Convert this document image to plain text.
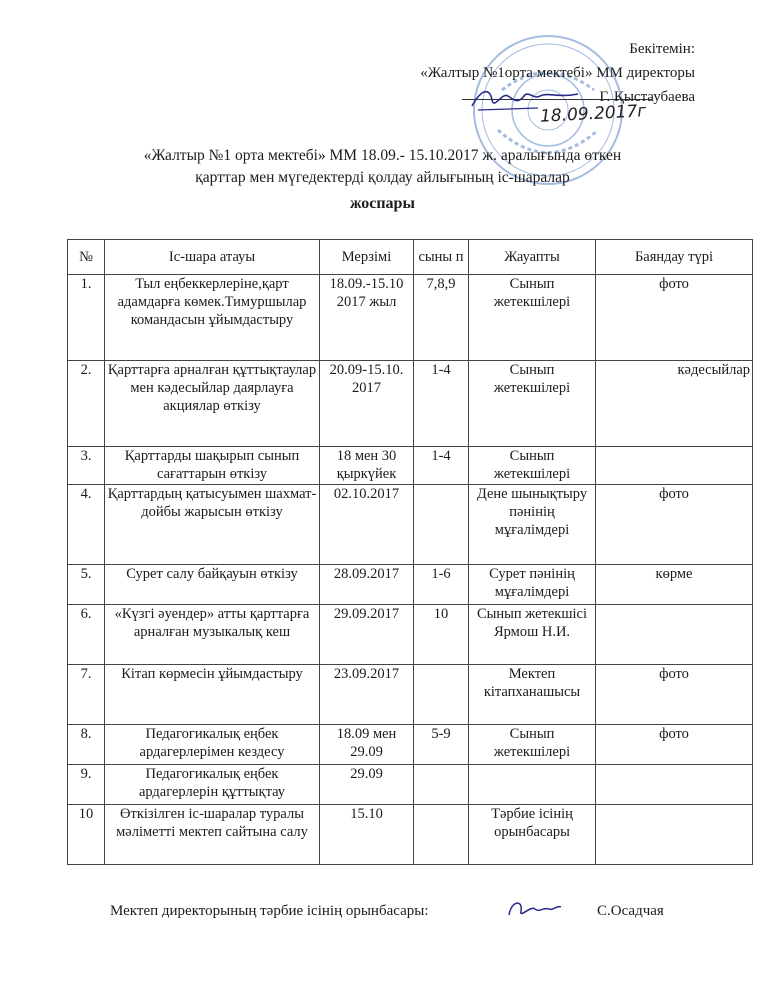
Бекітемін:
«Жалтыр №1орта мектебі» ММ директоры
Г. Қыстаубаева
18.09.2017г
«Жалтыр №1 орта мектебі» ММ 18.09.- 15.10.2017 ж. аралығында өткен
қарттар мен мүгедектерді қолдау айлығының іс-шаралар
жоспары
№	Іс-шара атауы	Мерзімі	сыны п	Жауапты	Баяндау түрі
1.	Тыл еңбеккерлеріне,қарт адамдарға көмек.Тимуршылар командасын ұйымдастыру	18.09.-15.10 2017 жыл	7,8,9	Сынып жетекшілері	фото
2.	Қарттарға арналған құттықтаулар мен кәдесыйлар даярлауға акциялар өткізу	20.09-15.10. 2017	1-4	Сынып жетекшілері	кәдесыйлар
3.	Қарттарды шақырып сынып сағаттарын өткізу	18 мен 30 қыркүйек	1-4	Сынып жетекшілері	
4.	Қарттардың қатысуымен шахмат-дойбы жарысын өткізу	02.10.2017		Дене шынықтыру пәнінің мұғалімдері	фото
5.	Сурет салу байқауын өткізу	28.09.2017	1-6	Сурет пәнінің мұғалімдері	көрме
6.	«Күзгі әуендер» атты қарттарға арналған музыкалық кеш	29.09.2017	10	Сынып жетекшісі Ярмош Н.И.	
7.	Кітап көрмесін ұйымдастыру	23.09.2017		Мектеп кітапханашысы	фото
8.	Педагогикалық еңбек ардагерлерімен кездесу	18.09 мен 29.09	5-9	Сынып жетекшілері	фото
9.	Педагогикалық еңбек ардагерлерін құттықтау	29.09			
10	Өткізілген іс-шаралар туралы мәліметті мектеп сайтына салу	15.10		Тәрбие ісінің орынбасары	
Мектеп директорының тәрбие ісінің орынбасары:	С.Осадчая
